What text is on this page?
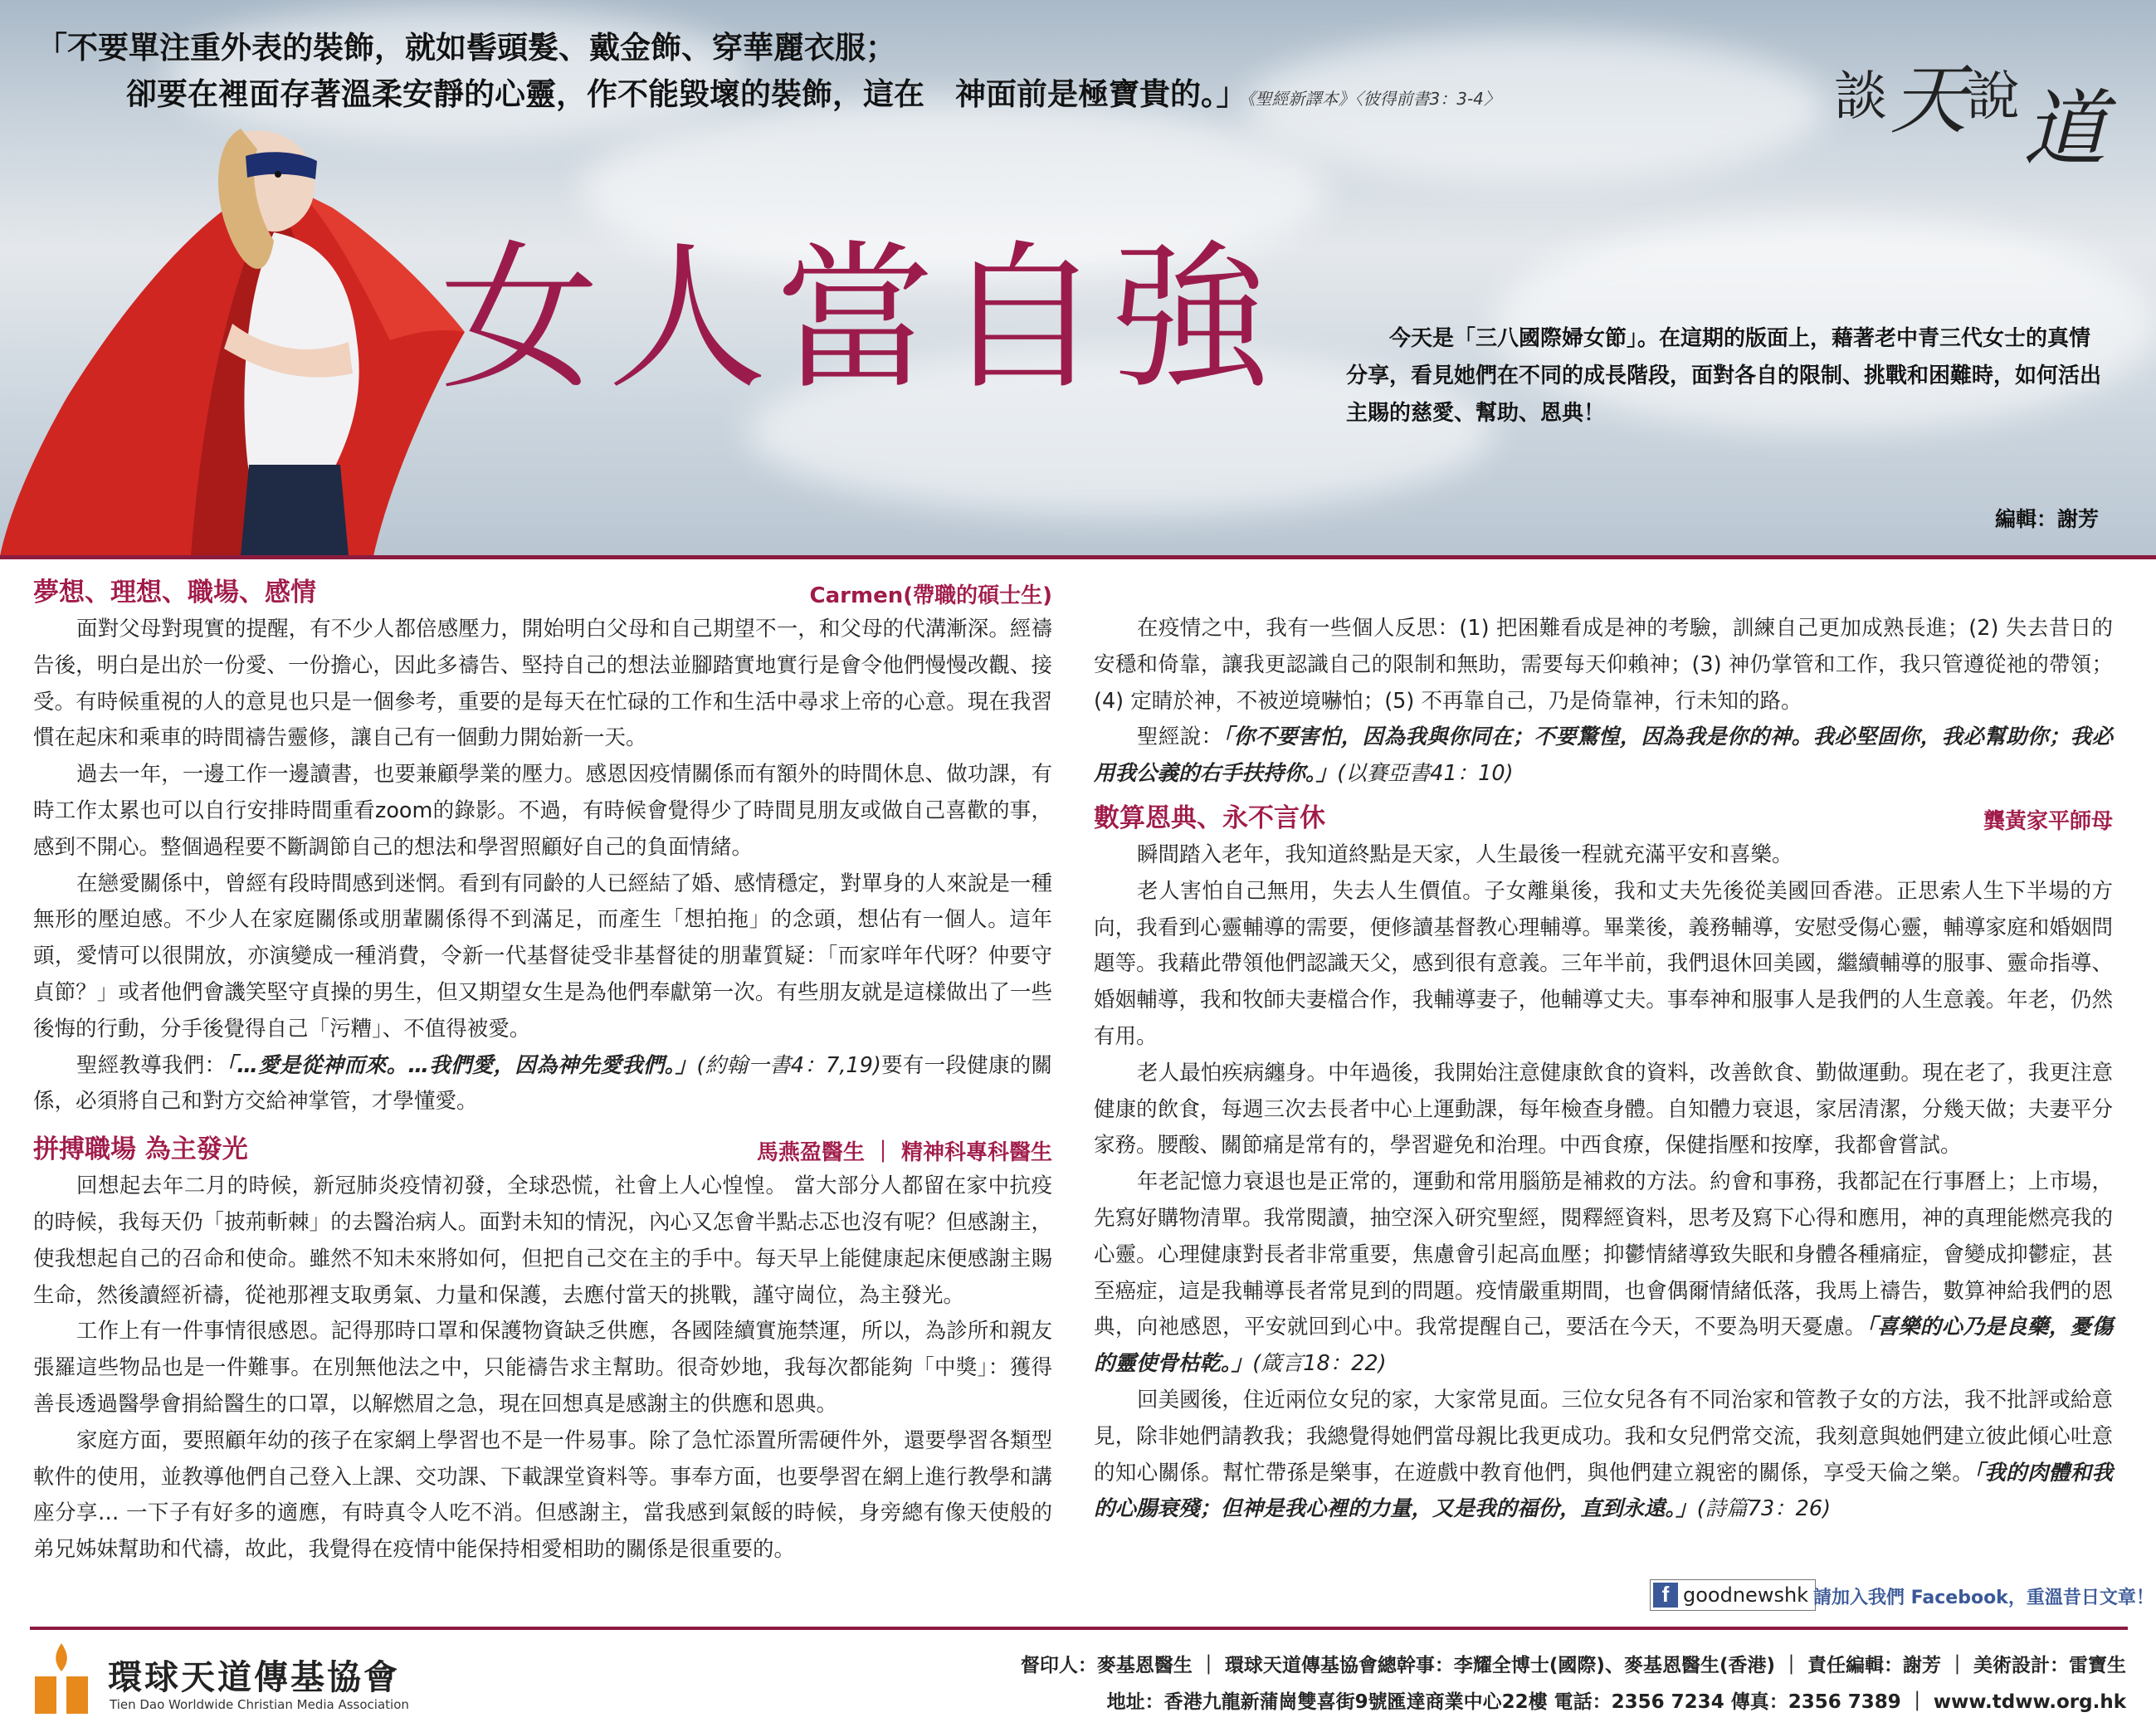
「不要單注重外表的裝飾，就如髻頭髮、戴金飾、穿華麗衣服；
卻要在裡面存著溫柔安靜的心靈，作不能毀壞的裝飾，這在　神面前是極寶貴的。」《聖經新譯本》〈彼得前書3：3-4〉	談 天 說 道
女人當自強	今天是「三八國際婦女節」。在這期的版面上，藉著老中青三代女士的真情分享，看見她們在不同的成長階段，面對各自的限制、挑戰和困難時，如何活出主賜的慈愛、幫助、恩典！
編輯：謝芳
夢想、理想、職場、感情	Carmen(帶職的碩士生)

面對父母對現實的提醒，有不少人都倍感壓力，開始明白父母和自己期望不一，和父母的代溝漸深。經禱告後，明白是出於一份愛、一份擔心，因此多禱告、堅持自己的想法並腳踏實地實行是會令他們慢慢改觀、接受。有時候重視的人的意見也只是一個參考，重要的是每天在忙碌的工作和生活中尋求上帝的心意。現在我習慣在起床和乘車的時間禱告靈修，讓自己有一個動力開始新一天。

過去一年，一邊工作一邊讀書，也要兼顧學業的壓力。感恩因疫情關係而有額外的時間休息、做功課，有時工作太累也可以自行安排時間重看zoom的錄影。不過，有時候會覺得少了時間見朋友或做自己喜歡的事，感到不開心。整個過程要不斷調節自己的想法和學習照顧好自己的負面情緒。

在戀愛關係中，曾經有段時間感到迷惘。看到有同齡的人已經結了婚、感情穩定，對單身的人來說是一種無形的壓迫感。不少人在家庭關係或朋輩關係得不到滿足，而產生「想拍拖」的念頭，想佔有一個人。這年頭，愛情可以很開放，亦演變成一種消費，令新一代基督徒受非基督徒的朋輩質疑：「而家咩年代呀？仲要守貞節？」或者他們會譏笑堅守貞操的男生，但又期望女生是為他們奉獻第一次。有些朋友就是這樣做出了一些後悔的行動，分手後覺得自己「污糟」、不值得被愛。

聖經教導我們：「…愛是從神而來。…我們愛，因為神先愛我們。」(約翰一書4：7,19)要有一段健康的關係，必須將自己和對方交給神掌管，才學懂愛。

拼搏職場 為主發光	馬燕盈醫生 ｜ 精神科專科醫生

回想起去年二月的時候，新冠肺炎疫情初發，全球恐慌，社會上人心惶惶。 當大部分人都留在家中抗疫的時候，我每天仍「披荊斬棘」的去醫治病人。面對未知的情況，內心又怎會半點忐忑也沒有呢？但感謝主，使我想起自己的召命和使命。雖然不知未來將如何，但把自己交在主的手中。每天早上能健康起床便感謝主賜生命，然後讀經祈禱，從祂那裡支取勇氣、力量和保護，去應付當天的挑戰，謹守崗位，為主發光。

工作上有一件事情很感恩。記得那時口罩和保護物資缺乏供應，各國陸續實施禁運，所以，為診所和親友張羅這些物品也是一件難事。在別無他法之中，只能禱告求主幫助。很奇妙地，我每次都能夠「中獎」：獲得善長透過醫學會捐給醫生的口罩，以解燃眉之急，現在回想真是感謝主的供應和恩典。

家庭方面，要照顧年幼的孩子在家網上學習也不是一件易事。除了急忙添置所需硬件外，還要學習各類型軟件的使用，並教導他們自己登入上課、交功課、下載課堂資料等。事奉方面，也要學習在網上進行教學和講座分享… 一下子有好多的適應，有時真令人吃不消。但感謝主，當我感到氣餒的時候，身旁總有像天使般的弟兄姊妹幫助和代禱，故此，我覺得在疫情中能保持相愛相助的關係是很重要的。

在疫情之中，我有一些個人反思：(1) 把困難看成是神的考驗，訓練自己更加成熟長進；(2) 失去昔日的安穩和倚靠，讓我更認識自己的限制和無助，需要每天仰賴神；(3) 神仍掌管和工作，我只管遵從祂的帶領；(4) 定睛於神，不被逆境嚇怕；(5) 不再靠自己，乃是倚靠神，行未知的路。

聖經說：「你不要害怕，因為我與你同在；不要驚惶，因為我是你的神。我必堅固你，我必幫助你；我必用我公義的右手扶持你。」(以賽亞書41：10)

數算恩典、永不言休	龔黃家平師母

瞬間踏入老年，我知道終點是天家，人生最後一程就充滿平安和喜樂。

老人害怕自己無用，失去人生價值。子女離巢後，我和丈夫先後從美國回香港。正思索人生下半場的方向，我看到心靈輔導的需要，便修讀基督教心理輔導。畢業後，義務輔導，安慰受傷心靈，輔導家庭和婚姻問題等。我藉此帶領他們認識天父，感到很有意義。三年半前，我們退休回美國，繼續輔導的服事、靈命指導、婚姻輔導，我和牧師夫妻檔合作，我輔導妻子，他輔導丈夫。事奉神和服事人是我們的人生意義。年老，仍然有用。

老人最怕疾病纏身。中年過後，我開始注意健康飲食的資料，改善飲食、勤做運動。現在老了，我更注意健康的飲食，每週三次去長者中心上運動課，每年檢查身體。自知體力衰退，家居清潔，分幾天做；夫妻平分家務。腰酸、關節痛是常有的，學習避免和治理。中西食療，保健指壓和按摩，我都會嘗試。

年老記憶力衰退也是正常的，運動和常用腦筋是補救的方法。約會和事務，我都記在行事曆上；上市場，先寫好購物清單。我常閱讀，抽空深入研究聖經，閱釋經資料，思考及寫下心得和應用，神的真理能燃亮我的心靈。心理健康對長者非常重要，焦慮會引起高血壓；抑鬱情緒導致失眠和身體各種痛症，會變成抑鬱症，甚至癌症，這是我輔導長者常見到的問題。疫情嚴重期間，也會偶爾情緒低落，我馬上禱告，數算神給我們的恩典，向祂感恩，平安就回到心中。我常提醒自己，要活在今天，不要為明天憂慮。「喜樂的心乃是良藥，憂傷的靈使骨枯乾。」(箴言18：22)

回美國後，住近兩位女兒的家，大家常見面。三位女兒各有不同治家和管教子女的方法，我不批評或給意見，除非她們請教我；我總覺得她們當母親比我更成功。我和女兒們常交流，我刻意與她們建立彼此傾心吐意的知心關係。幫忙帶孫是樂事，在遊戲中教育他們，與他們建立親密的關係，享受天倫之樂。「我的肉體和我的心腸衰殘；但神是我心裡的力量，又是我的福份，直到永遠。」(詩篇73：26)

f goodnewshk 請加入我們 Facebook，重溫昔日文章！
環球天道傳基協會
Tien Dao Worldwide Christian Media Association
督印人：麥基恩醫生 ｜ 環球天道傳基協會總幹事：李耀全博士(國際)、麥基恩醫生(香港) ｜ 責任編輯：謝芳 ｜ 美術設計：雷寶生
地址：香港九龍新蒲崗雙喜街9號匯達商業中心22樓 電話：2356 7234 傳真：2356 7389 ｜ www.tdww.org.hk
